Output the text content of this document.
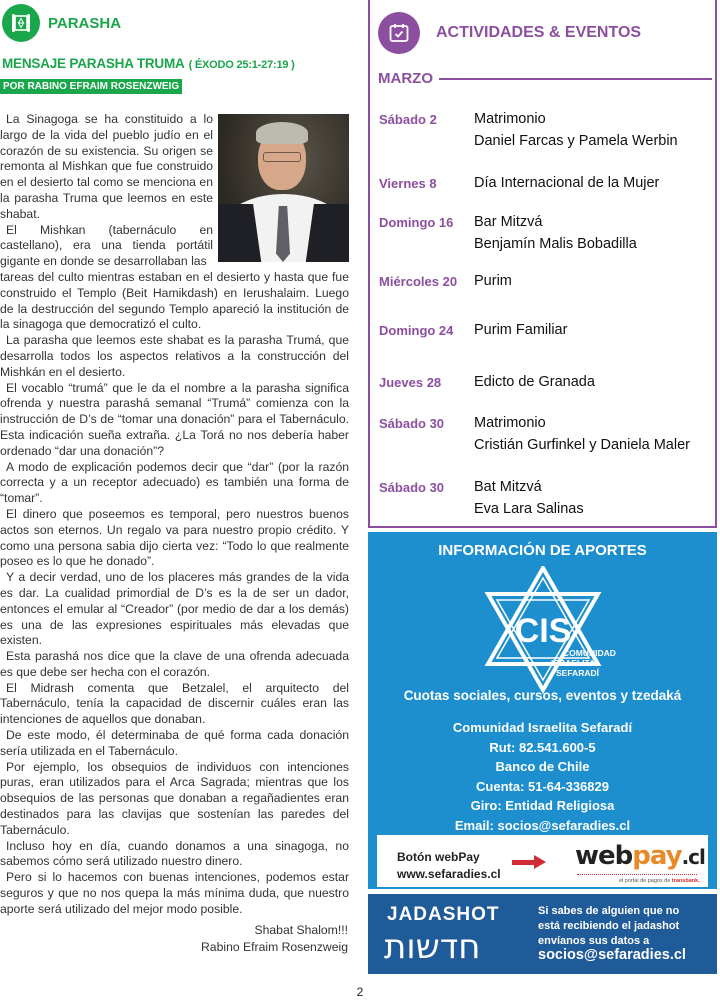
PARASHA
MENSAJE PARASHA TRUMA ( ÉXODO 25:1-27:19 )
POR RABINO EFRAIM ROSENZWEIG

La Sinagoga se ha constituido a lo largo de la vida del pueblo judío en el corazón de su existencia. Su origen se remonta al Mishkan que fue construido en el desierto tal como se menciona en la parasha Truma que leemos en este shabat.

El Mishkan (tabernáculo en castellano), era una tienda portátil gigante en donde se desarrollaban las

tareas del culto mientras estaban en el desierto y hasta que fue construido el Templo (Beit Hamikdash) en Ierushalaim. Luego de la destrucción del segundo Templo apareció la institución de la sinagoga que democratizó el culto.

La parasha que leemos este shabat es la parasha Trumá, que desarrolla todos los aspectos relativos a la construcción del Mishkán en el desierto.

El vocablo “trumá” que le da el nombre a la parasha significa ofrenda y nuestra parashá semanal “Trumá” comienza con la instrucción de D’s de “tomar una donación” para el Tabernáculo. Esta indicación sueña extraña. ¿La Torá no nos debería haber ordenado “dar una donación”?

A modo de explicación podemos decir que “dar” (por la razón correcta y a un receptor adecuado) es también una forma de “tomar”.

El dinero que poseemos es temporal, pero nuestros buenos actos son eternos. Un regalo va para nuestro propio crédito. Y como una persona sabia dijo cierta vez: “Todo lo que realmente poseo es lo que he donado”.

Y a decir verdad, uno de los placeres más grandes de la vida es dar. La cualidad primordial de D’s es la de ser un dador, entonces el emular al “Creador” (por medio de dar a los demás) es una de las expresiones espirituales más elevadas que existen.

Esta parashá nos dice que la clave de una ofrenda adecuada es que debe ser hecha con el corazón.

El Midrash comenta que Betzalel, el arquitecto del Tabernáculo, tenía la capacidad de discernir cuáles eran las intenciones de aquellos que donaban.

De este modo, él determinaba de qué forma cada donación sería utilizada en el Tabernáculo.

Por ejemplo, los obsequios de individuos con intenciones puras, eran utilizados para el Arca Sagrada; mientras que los obsequios de las personas que donaban a regañadientes eran destinados para las clavijas que sostenían las paredes del Tabernáculo.

Incluso hoy en día, cuando donamos a una sinagoga, no sabemos cómo será utilizado nuestro dinero.

Pero si lo hacemos con buenas intenciones, podemos estar seguros y que no nos quepa la más mínima duda, que nuestro aporte será utilizado del mejor modo posible.

Shabat Shalom!!!
Rabino Efraim Rosenzweig
ACTIVIDADES & EVENTOS
MARZO
Sábado 2	Matrimonio
Daniel Farcas y Pamela Werbin
Viernes 8	Día Internacional de la Mujer
Domingo 16 Bar Mitzvá
Benjamín Malis Bobadilla
Miércoles 20 Purim
Domingo 24 Purim Familiar
Jueves 28 Edicto de Granada
Sábado 30 Matrimonio
Cristián Gurfinkel y Daniela Maler
Sábado 30 Bat Mitzvá
Eva Lara Salinas
INFORMACIÓN DE APORTES
CIS
COMUNIDAD
ISRAELITA
SEFARADÍ
Cuotas sociales, cursos, eventos y tzedaká
Comunidad Israelita Sefaradí
Rut: 82.541.600-5
Banco de Chile
Cuenta: 51-64-336829
Giro: Entidad Religiosa
Email: socios@sefaradies.cl
Botón webPay
www.sefaradies.cl
webpay.cl
el portal de pagos de transbank.
JADASHOT
חדשות
Si sabes de alguien que no
está recibiendo el jadashot
envíanos sus datos a
socios@sefaradies.cl
2
